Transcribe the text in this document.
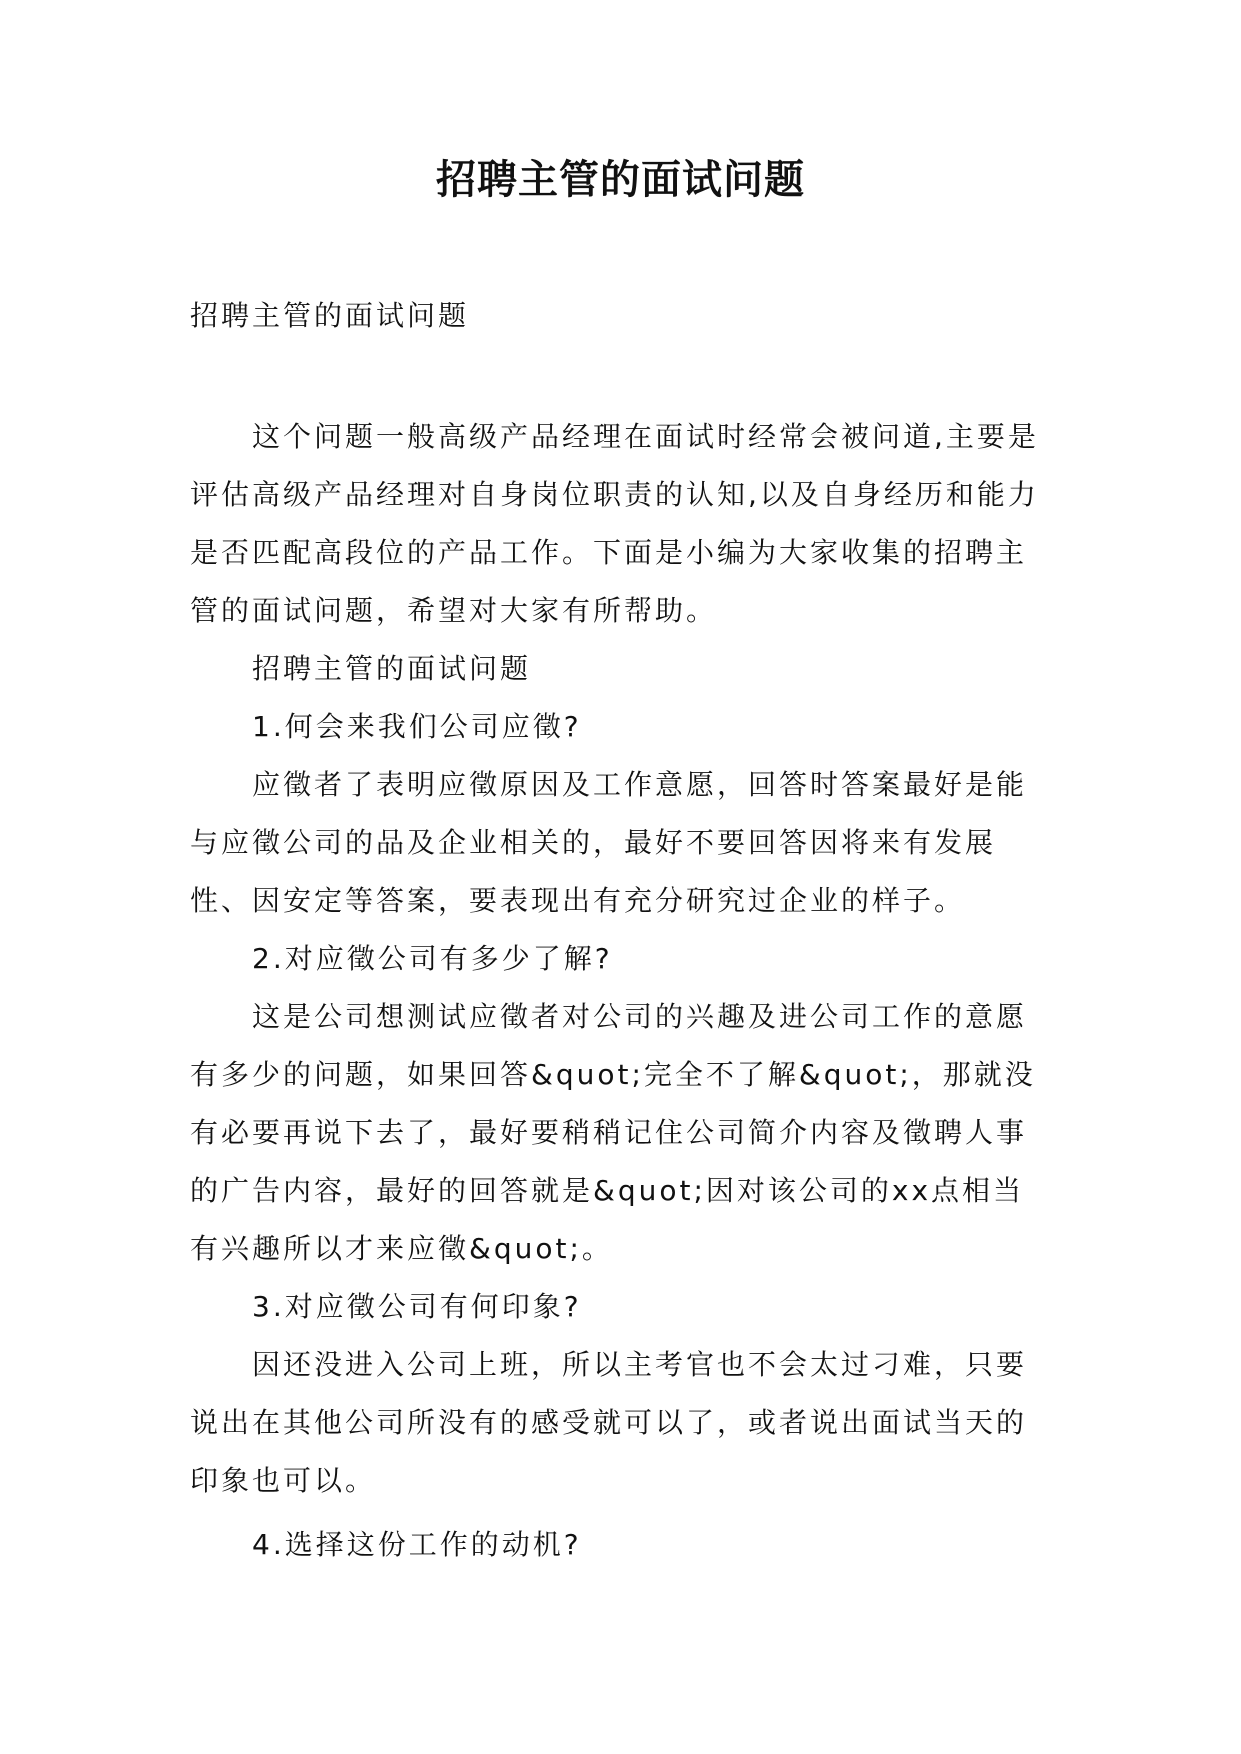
招聘主管的面试问题
招聘主管的面试问题

这个问题一般高级产品经理在面试时经常会被问道,主要是评估高级产品经理对自身岗位职责的认知,以及自身经历和能力是否匹配高段位的产品工作。下面是小编为大家收集的招聘主管的面试问题，希望对大家有所帮助。

招聘主管的面试问题

1.何会来我们公司应徵?

应徵者了表明应徵原因及工作意愿，回答时答案最好是能与应徵公司的品及企业相关的，最好不要回答因将来有发展性、因安定等答案，要表现出有充分研究过企业的样子。

2.对应徵公司有多少了解?

这是公司想测试应徵者对公司的兴趣及进公司工作的意愿有多少的问题，如果回答&quot;完全不了解&quot;，那就没有必要再说下去了，最好要稍稍记住公司简介内容及徵聘人事的广告内容，最好的回答就是&quot;因对该公司的xx点相当有兴趣所以才来应徵&quot;。

3.对应徵公司有何印象?

因还没进入公司上班，所以主考官也不会太过刁难，只要说出在其他公司所没有的感受就可以了，或者说出面试当天的印象也可以。

4.选择这份工作的动机?
